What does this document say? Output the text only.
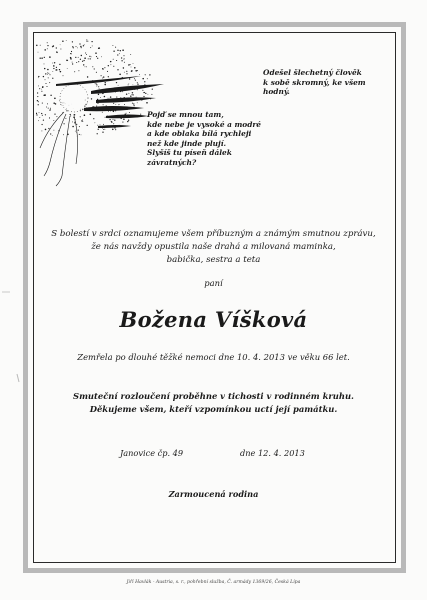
Odešel šlechetný člověk
k sobě skromný, ke všem
hodný.
Pojď se mnou tam,
kde nebe je vysoké a modré
a kde oblaka bílá rychleji
než kde jinde plují.
Slyšíš tu píseň dálek
závratných?
S bolestí v srdci oznamujeme všem příbuzným a známým smutnou zprávu,
že nás navždy opustila naše drahá a milovaná maminka,
babička, sestra a teta
paní
Božena Víšková
Zemřela po dlouhé těžké nemoci dne 10. 4. 2013 ve věku 66 let.
Smuteční rozloučení proběhne v tichosti v rodinném kruhu.
Děkujeme všem, kteří vzpomínkou uctí její památku.
Janovice čp. 49	dne 12. 4. 2013
Zarmoucená rodina
Jiří Havlák - Austria, s. r., pohřební služba, Č. armády 1369/26, Česká Lípa
